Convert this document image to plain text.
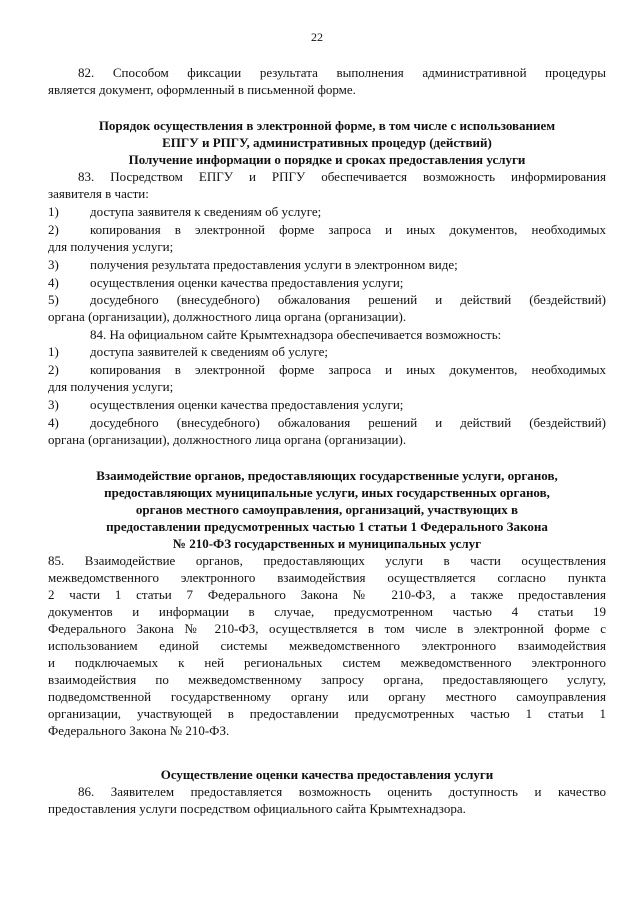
22
82. Способом фиксации результата выполнения административной процедуры
является документ, оформленный в письменной форме.
Порядок осуществления в электронной форме, в том числе с использованием
ЕПГУ и РПГУ, административных процедур (действий)
Получение информации о порядке и сроках предоставления услуги
83. Посредством ЕПГУ и РПГУ обеспечивается возможность информирования
заявителя в части:
1)	доступа заявителя к сведениям об услуге;
2)	копирования в электронной форме запроса и иных документов, необходимых
для получения услуги;
3)	получения результата предоставления услуги в электронном виде;
4)	осуществления оценки качества предоставления услуги;
5)	досудебного (внесудебного) обжалования решений и действий (бездействий)
органа (организации), должностного лица органа (организации).
84. На официальном сайте Крымтехнадзора обеспечивается возможность:
1)	доступа заявителей к сведениям об услуге;
2)	копирования в электронной форме запроса и иных документов, необходимых
для получения услуги;
3)	осуществления оценки качества предоставления услуги;
4)	досудебного (внесудебного) обжалования решений и действий (бездействий)
органа (организации), должностного лица органа (организации).
Взаимодействие органов, предоставляющих государственные услуги, органов,
предоставляющих муниципальные услуги, иных государственных органов,
органов местного самоуправления, организаций, участвующих в
предоставлении предусмотренных частью 1 статьи 1 Федерального Закона
№ 210-ФЗ государственных и муниципальных услуг
85. Взаимодействие органов, предоставляющих услуги в части осуществления
межведомственного электронного взаимодействия осуществляется согласно пункта
2 части 1 статьи 7 Федерального Закона № 210-ФЗ, а также предоставления
документов и информации в случае, предусмотренном частью 4 статьи 19
Федерального Закона № 210-ФЗ, осуществляется в том числе в электронной форме с
использованием единой системы межведомственного электронного взаимодействия
и подключаемых к ней региональных систем межведомственного электронного
взаимодействия по межведомственному запросу органа, предоставляющего услугу,
подведомственной государственному органу или органу местного самоуправления
организации, участвующей в предоставлении предусмотренных частью 1 статьи 1
Федерального Закона № 210-ФЗ.
Осуществление оценки качества предоставления услуги
86. Заявителем предоставляется возможность оценить доступность и качество
предоставления услуги посредством официального сайта Крымтехнадзора.
